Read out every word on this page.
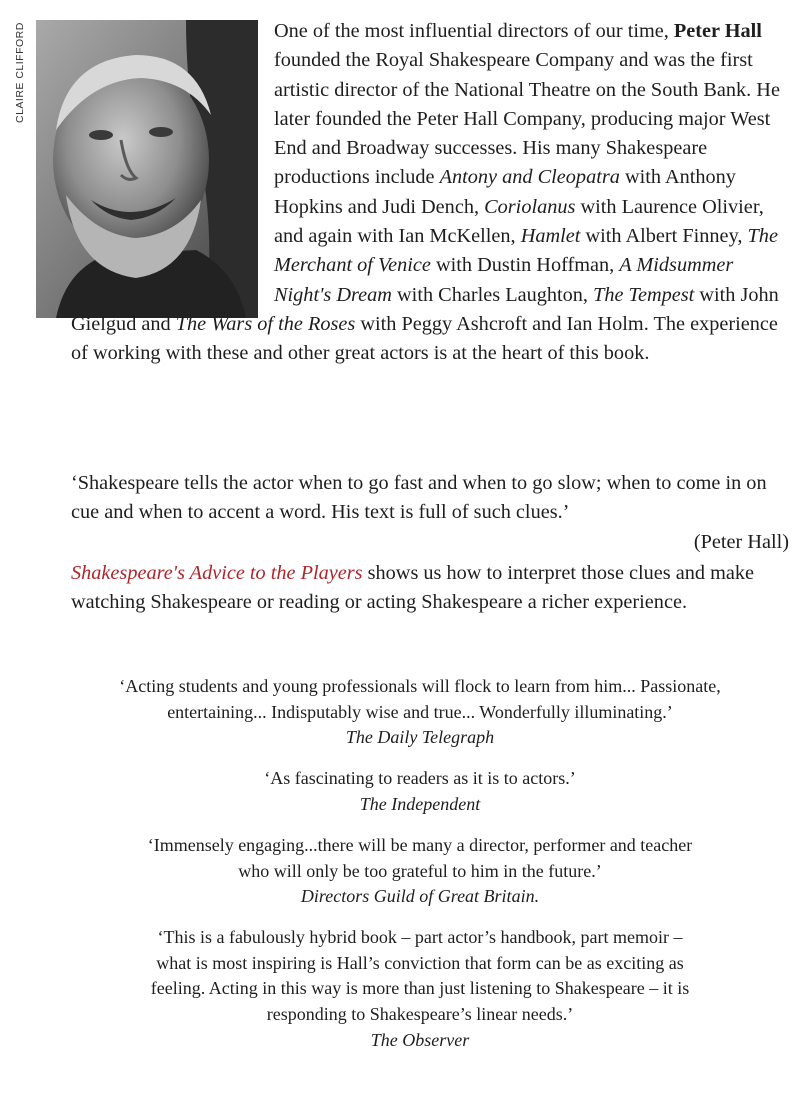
CLAIRE CLIFFORD	One of the most influential directors of our time, Peter Hall founded the Royal Shakespeare Company and was the first artistic director of the National Theatre on the South Bank. He later founded the Peter Hall Company, producing major West End and Broadway successes. His many Shakespeare productions include Antony and Cleopatra with Anthony Hopkins and Judi Dench, Coriolanus with Laurence Olivier, and again with Ian McKellen, Hamlet with Albert Finney, The Merchant of Venice with Dustin Hoffman, A Midsummer Night's Dream with Charles Laughton, The Tempest with John Gielgud and The Wars of the Roses with Peggy Ashcroft and Ian Holm. The experience of working with these and other great actors is at the heart of this book.

‘Shakespeare tells the actor when to go fast and when to go slow; when to come in on cue and when to accent a word. His text is full of such clues.’
(Peter Hall)

Shakespeare's Advice to the Players shows us how to interpret those clues and make watching Shakespeare or reading or acting Shakespeare a richer experience.

‘Acting students and young professionals will flock to learn from him... Passionate,
entertaining... Indisputably wise and true... Wonderfully illuminating.’
The Daily Telegraph
‘As fascinating to readers as it is to actors.’
The Independent
‘Immensely engaging...there will be many a director, performer and teacher
who will only be too grateful to him in the future.’
Directors Guild of Great Britain.
‘This is a fabulously hybrid book – part actor’s handbook, part memoir –
what is most inspiring is Hall’s conviction that form can be as exciting as
feeling. Acting in this way is more than just listening to Shakespeare – it is
responding to Shakespeare’s linear needs.’
The Observer
